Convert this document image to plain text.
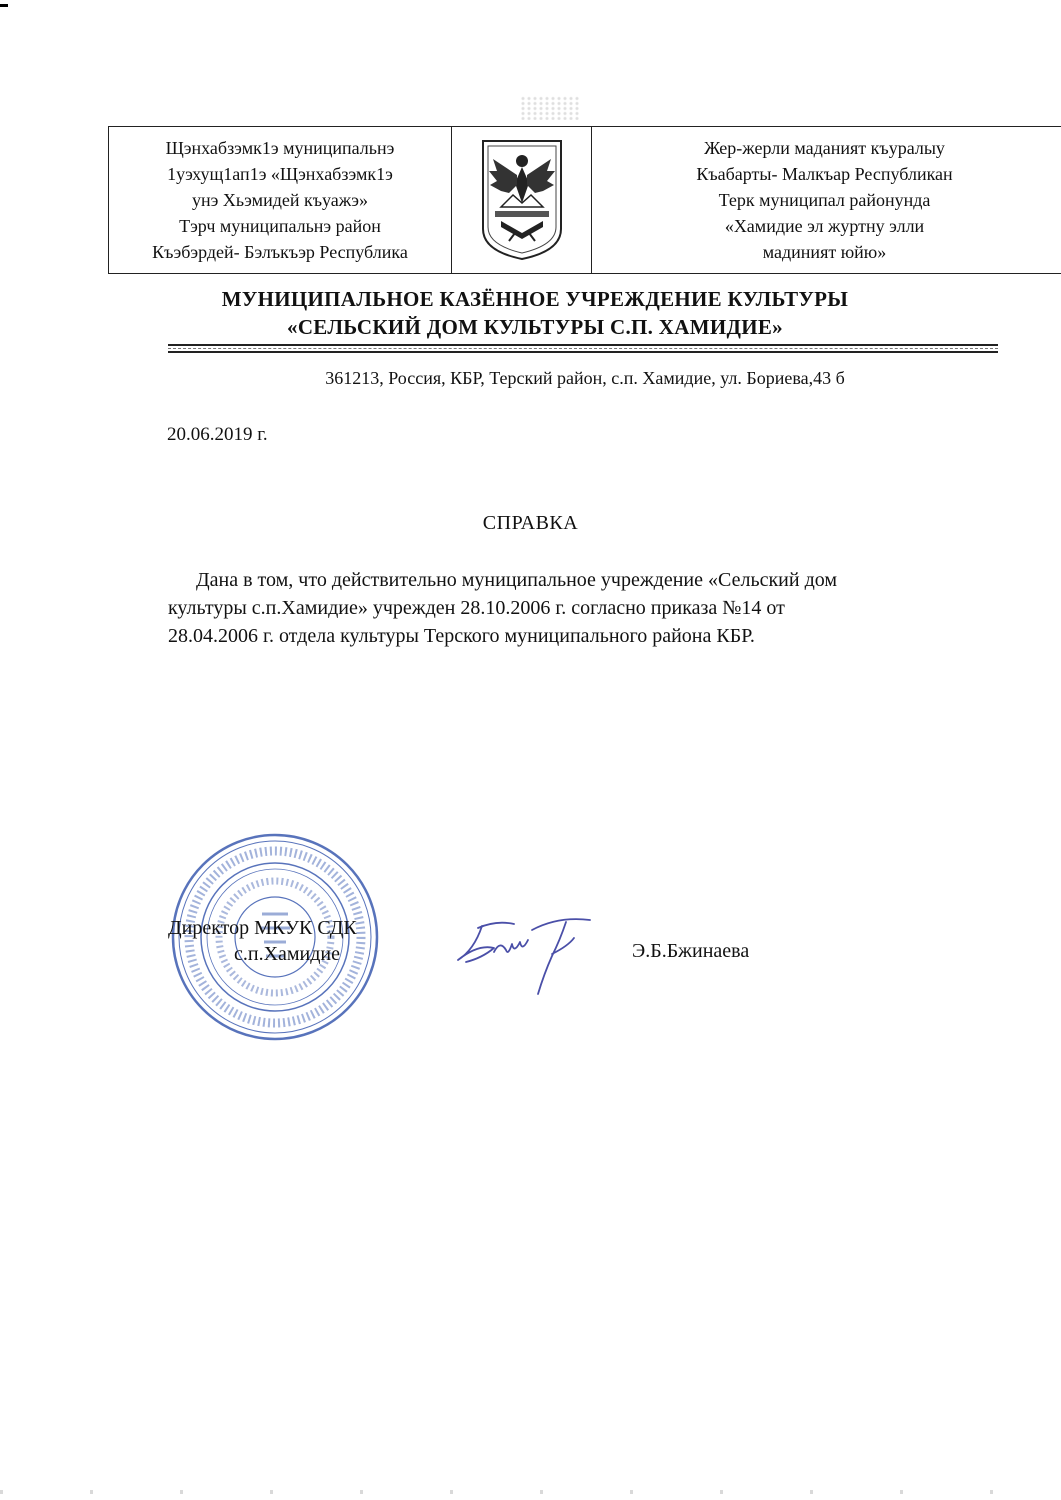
Щэнхабзэмк1э муниципальнэ
1уэхущ1ап1э «Щэнхабзэмк1э
унэ Хьэмидей къуажэ»
Тэрч муниципальнэ район
Къэбэрдей- Бэлъкъэр Республика
Жер-жерли маданият къуралыу
Къабарты- Малкъар Республикан
Терк муниципал районунда
«Хамидие эл журтну элли
мадиният юйю»
МУНИЦИПАЛЬНОЕ КАЗЁННОЕ УЧРЕЖДЕНИЕ КУЛЬТУРЫ
«СЕЛЬСКИЙ ДОМ КУЛЬТУРЫ С.П. ХАМИДИЕ»
361213, Россия, КБР, Терский район, с.п. Хамидие, ул. Бориева,43 б
20.06.2019 г.
СПРАВКА
Дана в том, что действительно муниципальное учреждение «Сельский дом
культуры с.п.Хамидие» учрежден 28.10.2006 г. согласно приказа №14 от
28.04.2006 г. отдела культуры Терского муниципального района КБР.
Директор МКУК СДК
с.п.Хамидие	Э.Б.Бжинаева
